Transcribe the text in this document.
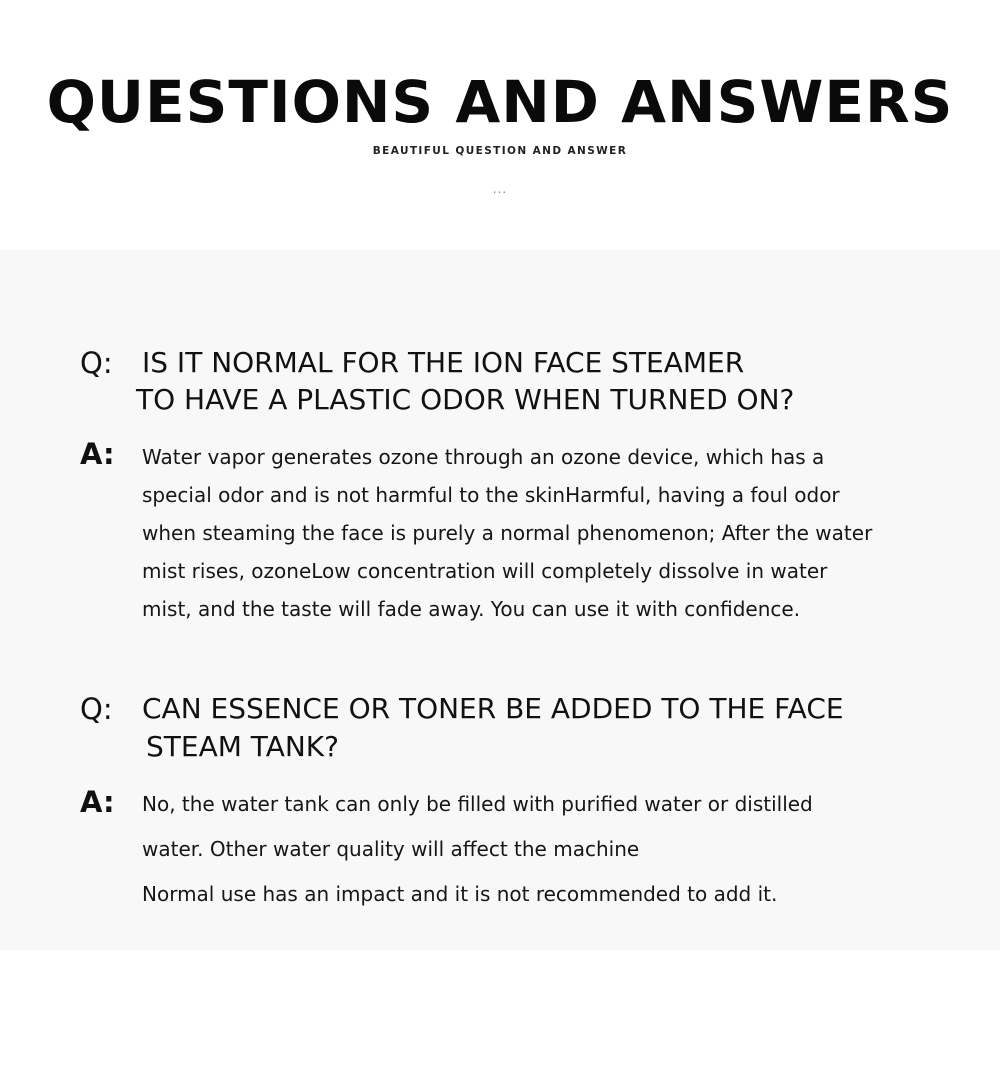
QUESTIONS AND ANSWERS
BEAUTIFUL QUESTION AND ANSWER
...
Q: IS IT NORMAL FOR THE ION FACE STEAMER
TO HAVE A PLASTIC ODOR WHEN TURNED ON?
A: Water vapor generates ozone through an ozone device, which has a
special odor and is not harmful to the skinHarmful, having a foul odor
when steaming the face is purely a normal phenomenon; After the water
mist rises, ozoneLow concentration will completely dissolve in water
mist, and the taste will fade away. You can use it with confidence.
Q: CAN ESSENCE OR TONER BE ADDED TO THE FACE
STEAM TANK?
A: No, the water tank can only be filled with purified water or distilled
water. Other water quality will affect the machine
Normal use has an impact and it is not recommended to add it.
